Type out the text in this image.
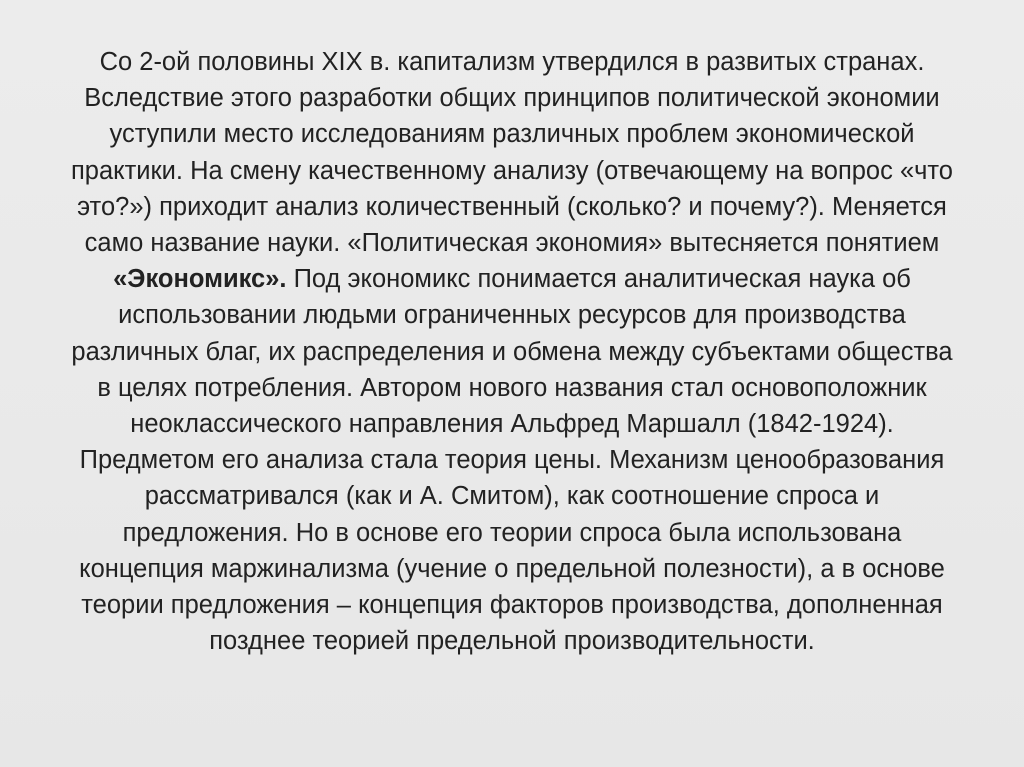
Со 2-ой половины XIX в. капитализм утвердился в развитых странах.
Вследствие этого разработки общих принципов политической экономии
уступили место исследованиям различных проблем экономической
практики. На смену качественному анализу (отвечающему на вопрос «что
это?») приходит анализ количественный (сколько? и почему?). Меняется
само название науки. «Политическая экономия» вытесняется понятием
«Экономикс». Под экономикс понимается аналитическая наука об
использовании людьми ограниченных ресурсов для производства
различных благ, их распределения и обмена между субъектами общества
в целях потребления. Автором нового названия стал основоположник
неоклассического направления Альфред Маршалл (1842-1924).
Предметом его анализа стала теория цены. Механизм ценообразования
рассматривался (как и А. Смитом), как соотношение спроса и
предложения. Но в основе его теории спроса была использована
концепция маржинализма (учение о предельной полезности), а в основе
теории предложения – концепция факторов производства, дополненная
позднее теорией предельной производительности.
